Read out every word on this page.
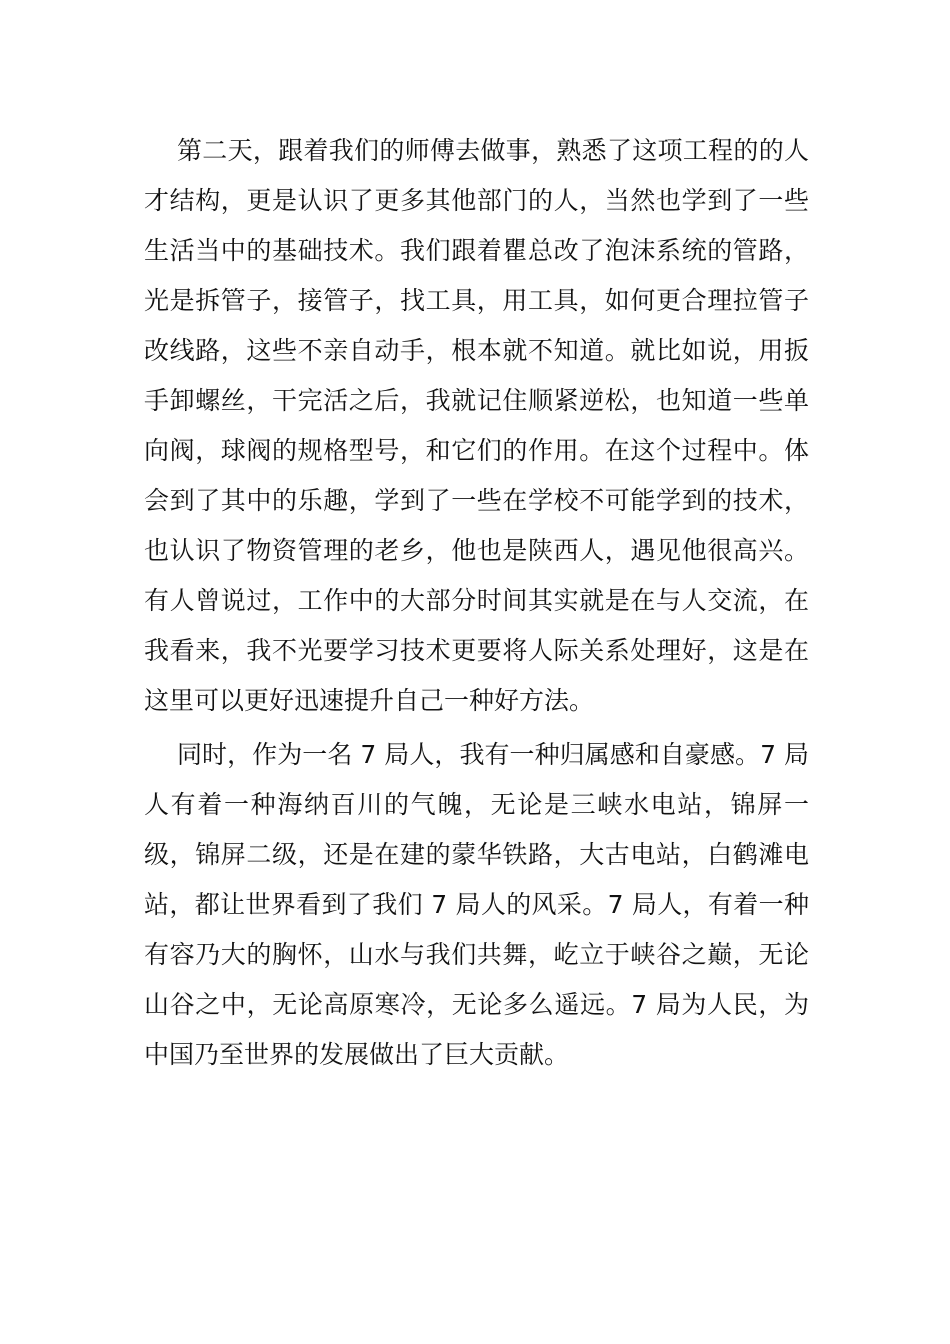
第二天，跟着我们的师傅去做事，熟悉了这项工程的的人才结构，更是认识了更多其他部门的人，当然也学到了一些生活当中的基础技术。我们跟着瞿总改了泡沫系统的管路，光是拆管子，接管子，找工具，用工具，如何更合理拉管子改线路，这些不亲自动手，根本就不知道。就比如说，用扳手卸螺丝，干完活之后，我就记住顺紧逆松，也知道一些单向阀，球阀的规格型号，和它们的作用。在这个过程中。体会到了其中的乐趣，学到了一些在学校不可能学到的技术，也认识了物资管理的老乡，他也是陕西人，遇见他很高兴。有人曾说过，工作中的大部分时间其实就是在与人交流，在我看来，我不光要学习技术更要将人际关系处理好，这是在这里可以更好迅速提升自己一种好方法。

同时，作为一名 7 局人，我有一种归属感和自豪感。7 局人有着一种海纳百川的气魄，无论是三峡水电站，锦屏一级，锦屏二级，还是在建的蒙华铁路，大古电站，白鹤滩电站，都让世界看到了我们 7 局人的风采。7 局人，有着一种有容乃大的胸怀，山水与我们共舞，屹立于峡谷之巅，无论山谷之中，无论高原寒冷，无论多么遥远。7 局为人民，为中国乃至世界的发展做出了巨大贡献。
